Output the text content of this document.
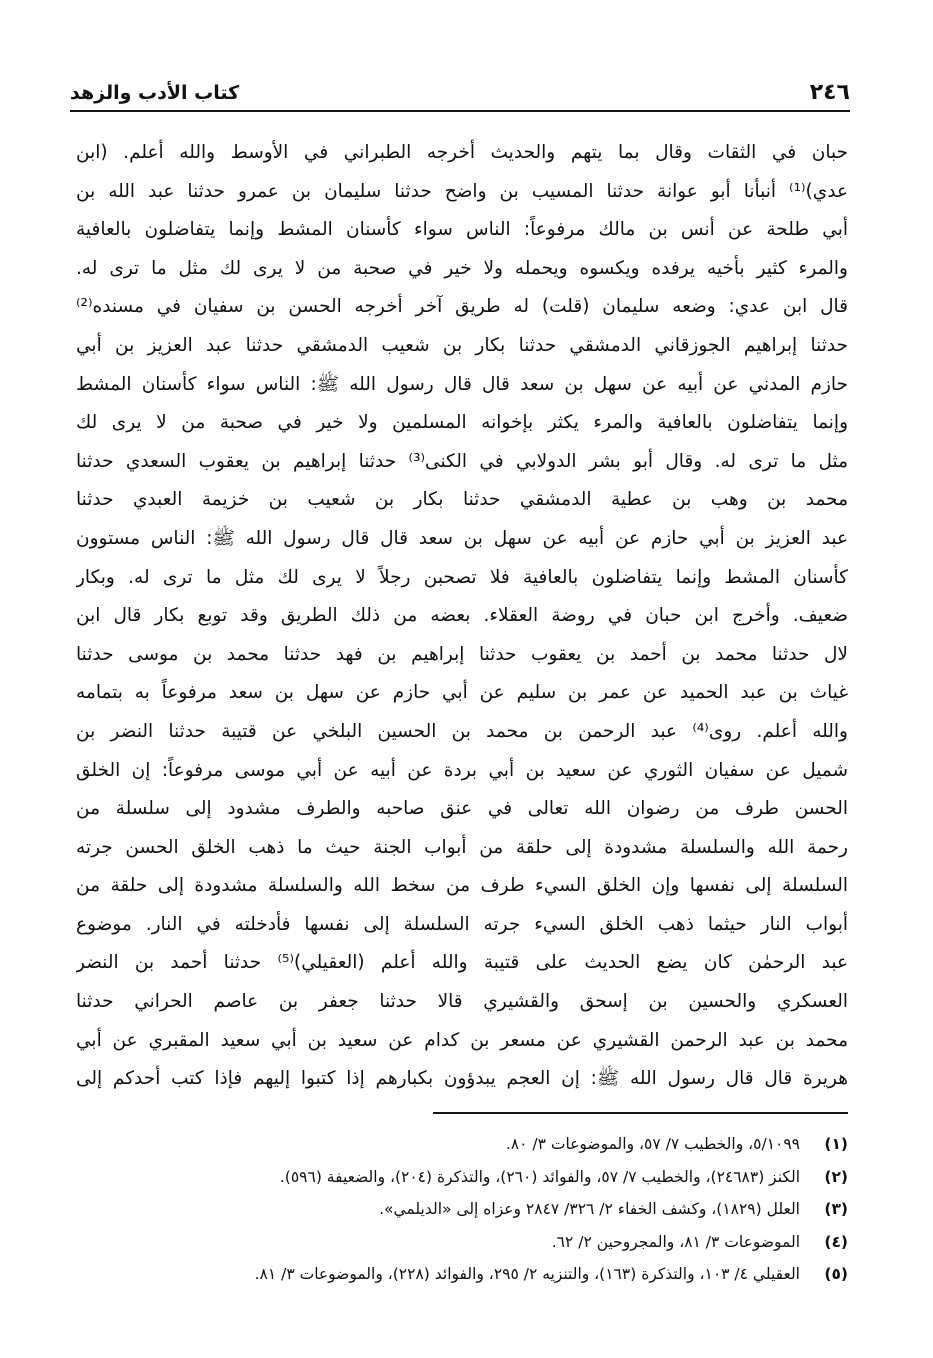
٢٤٦
كتاب الأدب والزهد
حبان في الثقات وقال بما يتهم والحديث أخرجه الطبراني في الأوسط والله أعلم. (ابن
عدي)⁽¹⁾ أنبأنا أبو عوانة حدثنا المسيب بن واضح حدثنا سليمان بن عمرو حدثنا عبد الله بن
أبي طلحة عن أنس بن مالك مرفوعاً: الناس سواء كأسنان المشط وإنما يتفاضلون بالعافية
والمرء كثير بأخيه يرفده ويكسوه ويحمله ولا خير في صحبة من لا يرى لك مثل ما ترى له.
قال ابن عدي: وضعه سليمان (قلت) له طريق آخر أخرجه الحسن بن سفيان في مسنده⁽²⁾
حدثنا إبراهيم الجوزقاني الدمشقي حدثنا بكار بن شعيب الدمشقي حدثنا عبد العزيز بن أبي
حازم المدني عن أبيه عن سهل بن سعد قال قال رسول الله ﷺ: الناس سواء كأسنان المشط
وإنما يتفاضلون بالعافية والمرء يكثر بإخوانه المسلمين ولا خير في صحبة من لا يرى لك
مثل ما ترى له. وقال أبو بشر الدولابي في الكنى⁽³⁾ حدثنا إبراهيم بن يعقوب السعدي حدثنا
محمد بن وهب بن عطية الدمشقي حدثنا بكار بن شعيب بن خزيمة العبدي حدثنا
عبد العزيز بن أبي حازم عن أبيه عن سهل بن سعد قال قال رسول الله ﷺ: الناس مستوون
كأسنان المشط وإنما يتفاضلون بالعافية فلا تصحبن رجلاً لا يرى لك مثل ما ترى له. وبكار
ضعيف. وأخرج ابن حبان في روضة العقلاء. بعضه من ذلك الطريق وقد توبع بكار قال ابن
لال حدثنا محمد بن أحمد بن يعقوب حدثنا إبراهيم بن فهد حدثنا محمد بن موسى حدثنا
غياث بن عبد الحميد عن عمر بن سليم عن أبي حازم عن سهل بن سعد مرفوعاً به بتمامه
والله أعلم. روى⁽⁴⁾ عبد الرحمن بن محمد بن الحسين البلخي عن قتيبة حدثنا النضر بن
شميل عن سفيان الثوري عن سعيد بن أبي بردة عن أبيه عن أبي موسى مرفوعاً: إن الخلق
الحسن طرف من رضوان الله تعالى في عنق صاحبه والطرف مشدود إلى سلسلة من
رحمة الله والسلسلة مشدودة إلى حلقة من أبواب الجنة حيث ما ذهب الخلق الحسن جرته
السلسلة إلى نفسها وإن الخلق السيء طرف من سخط الله والسلسلة مشدودة إلى حلقة من
أبواب النار حيثما ذهب الخلق السيء جرته السلسلة إلى نفسها فأدخلته في النار. موضوع
عبد الرحمٰن كان يضع الحديث على قتيبة والله أعلم (العقيلي)⁽⁵⁾ حدثنا أحمد بن النضر
العسكري والحسين بن إسحق والقشيري قالا حدثنا جعفر بن عاصم الحراني حدثنا
محمد بن عبد الرحمن القشيري عن مسعر بن كدام عن سعيد بن أبي سعيد المقبري عن أبي
هريرة قال قال رسول الله ﷺ: إن العجم يبدؤون بكبارهم إذا كتبوا إليهم فإذا كتب أحدكم إلى
(١)
٥/١٠٩٩، والخطيب ٧/ ٥٧، والموضوعات ٣/ ٨٠.
(٢)
الكنز (٢٤٦٨٣)، والخطيب ٧/ ٥٧، والفوائد (٢٦٠)، والتذكرة (٢٠٤)، والضعيفة (٥٩٦).
(٣)
العلل (١٨٢٩)، وكشف الخفاء ٢/ ٣٢٦/ ٢٨٤٧ وعزاه إلى «الديلمي».
(٤)
الموضوعات ٣/ ٨١، والمجروحين ٢/ ٦٢.
(٥)
العقيلي ٤/ ١٠٣، والتذكرة (١٦٣)، والتنزيه ٢/ ٢٩٥، والفوائد (٢٢٨)، والموضوعات ٣/ ٨١.
